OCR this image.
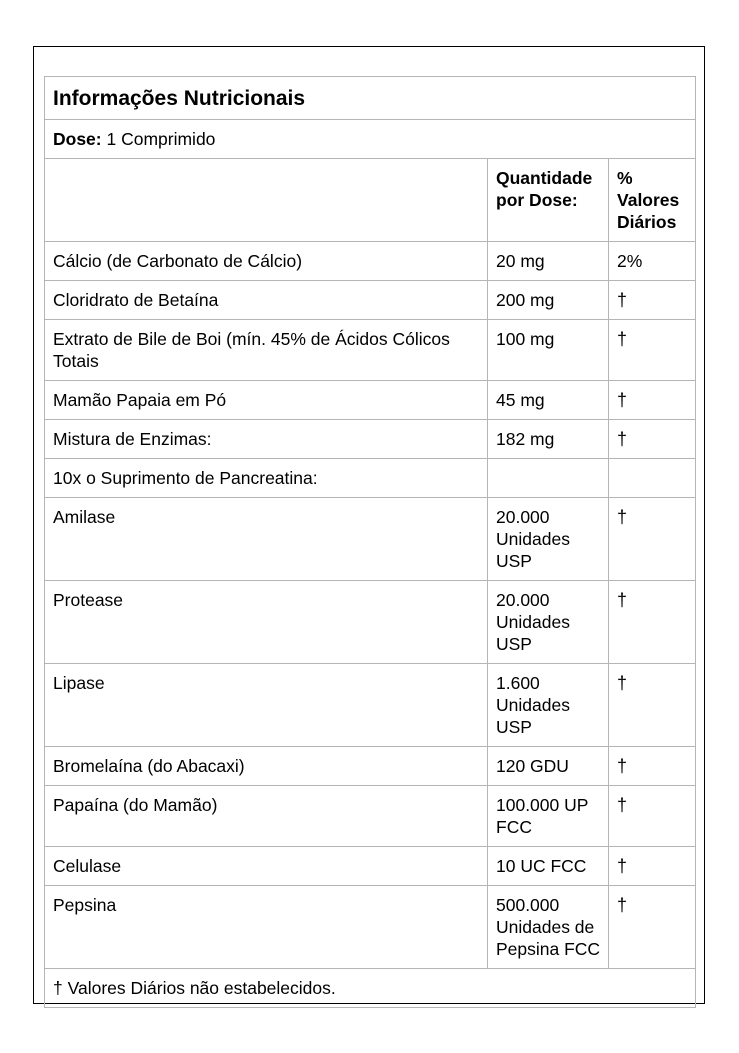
Informações Nutricionais		
Dose: 1 Comprimido		
	Quantidade por Dose:	% Valores Diários
Cálcio (de Carbonato de Cálcio)	20 mg	2%
Cloridrato de Betaína	200 mg	†
Extrato de Bile de Boi (mín. 45% de Ácidos Cólicos Totais	100 mg	†
Mamão Papaia em Pó	45 mg	†
Mistura de Enzimas:	182 mg	†
10x o Suprimento de Pancreatina:		
Amilase	20.000 Unidades USP	†
Protease	20.000 Unidades USP	†
Lipase	1.600 Unidades USP	†
Bromelaína (do Abacaxi)	120 GDU	†
Papaína (do Mamão)	100.000 UP FCC	†
Celulase	10 UC FCC	†
Pepsina	500.000 Unidades de Pepsina FCC	†
† Valores Diários não estabelecidos.		
